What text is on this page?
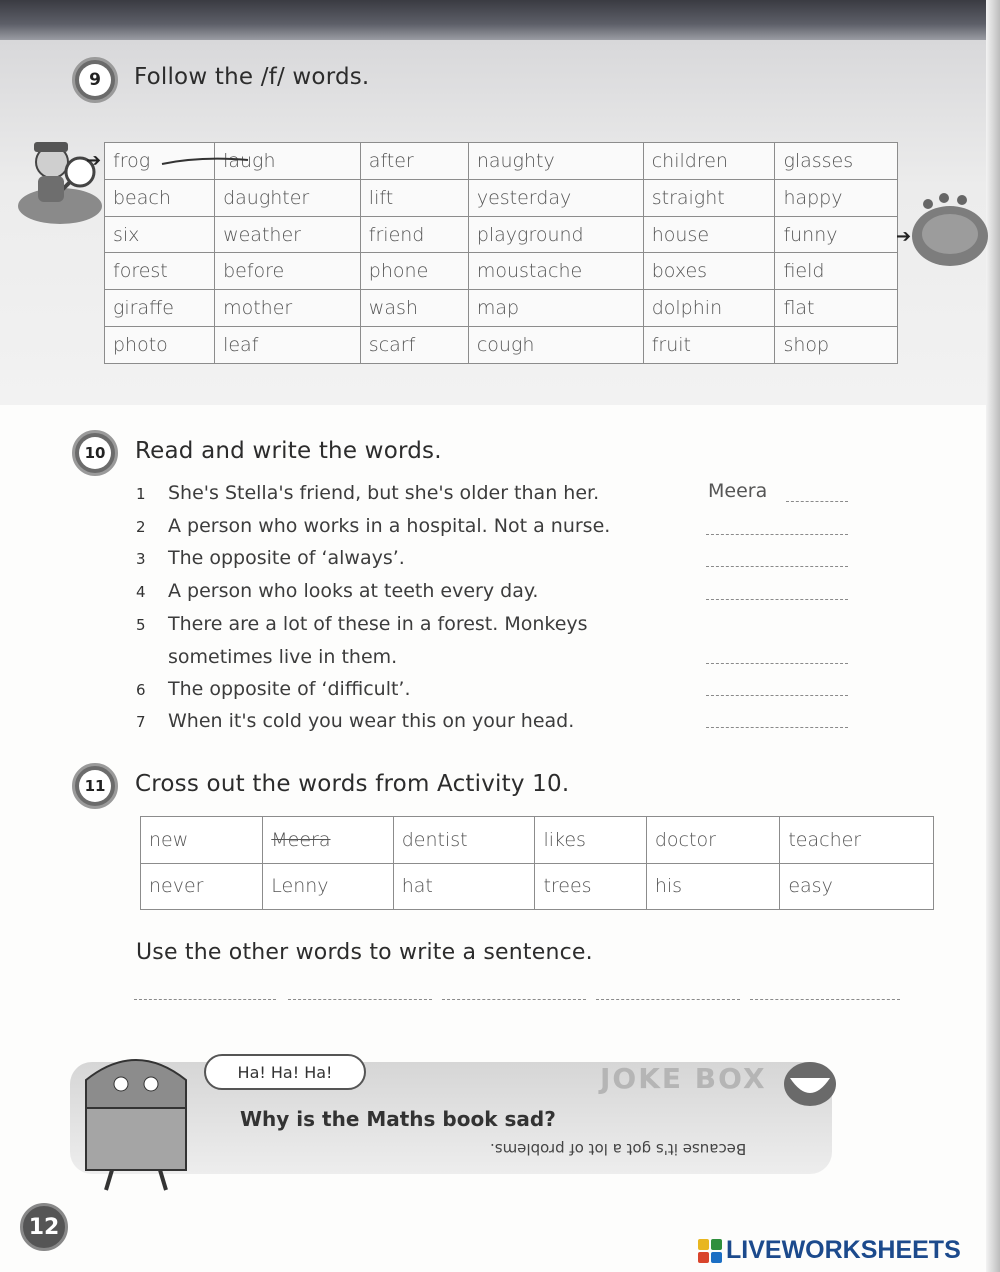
9	Follow the /f/ words.
➔ frog	laugh	after	naughty	children	glasses
beach	daughter	lift	yesterday	straight	happy
six	weather	friend	playground	house	funny
forest	before	phone	moustache	boxes	field
giraffe	mother	wash	map	dolphin	flat
photo	leaf	scarf	cough	fruit	shop
➔
10 Read and write the words.
1 She's Stella's friend, but she's older than her.	Meera
2 A person who works in a hospital. Not a nurse.
3 The opposite of ‘always’.
4 A person who looks at teeth every day.
5 There are a lot of these in a forest. Monkeys
sometimes live in them.
6 The opposite of ‘difficult’.
7 When it's cold you wear this on your head.
11 Cross out the words from Activity 10.
new	Meera	dentist	likes	doctor	teacher
never	Lenny	hat	trees	his	easy
Use the other words to write a sentence.
Ha! Ha! Ha!	JOKE BOX
Why is the Maths book sad?
Because it's got a lot of problems.
12
LIVEWORKSHEETS
